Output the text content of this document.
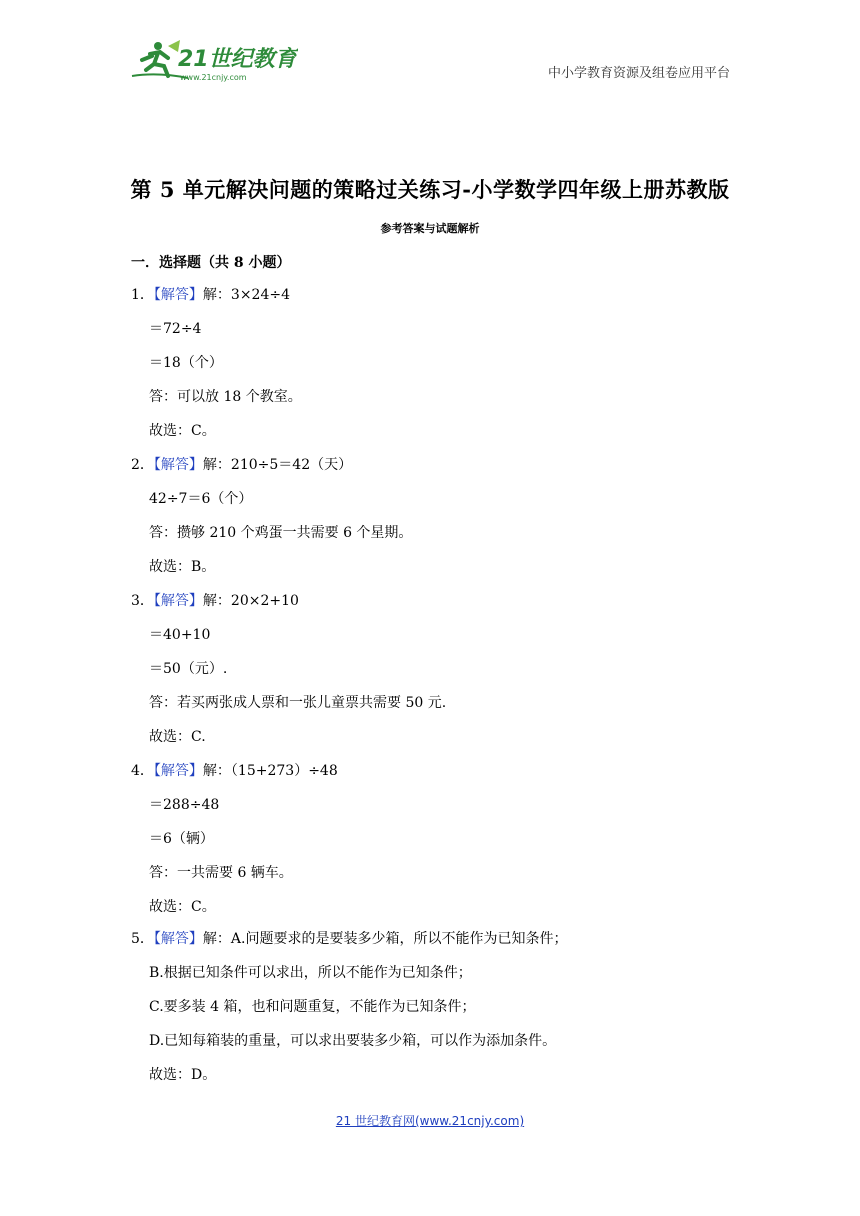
21世纪教育
www.21cnjy.com	中小学教育资源及组卷应用平台
第 5 单元解决问题的策略过关练习-小学数学四年级上册苏教版
参考答案与试题解析
一．选择题（共 8 小题）
1．【解答】解：3×24÷4
＝72÷4
＝18（个）
答：可以放 18 个教室。
故选：C。
2．【解答】解：210÷5＝42（天）
42÷7＝6（个）
答：攒够 210 个鸡蛋一共需要 6 个星期。
故选：B。
3．【解答】解：20×2+10
＝40+10
＝50（元）.
答：若买两张成人票和一张儿童票共需要 50 元.
故选：C.
4．【解答】解：（15+273）÷48
＝288÷48
＝6（辆）
答：一共需要 6 辆车。
故选：C。
5．【解答】解：A.问题要求的是要装多少箱，所以不能作为已知条件；
B.根据已知条件可以求出，所以不能作为已知条件；
C.要多装 4 箱，也和问题重复，不能作为已知条件；
D.已知每箱装的重量，可以求出要装多少箱，可以作为添加条件。
故选：D。
21 世纪教育网(www.21cnjy.com)
